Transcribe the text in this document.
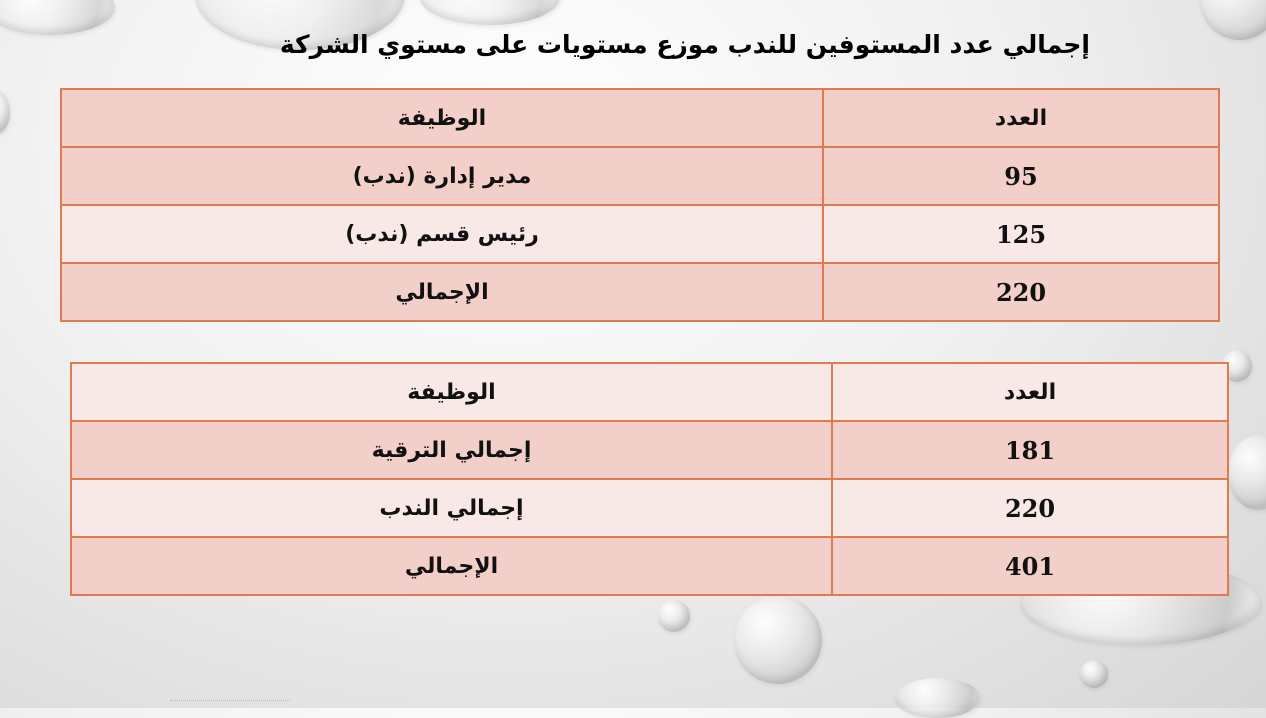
إجمالي عدد المستوفين للندب موزع مستويات على مستوي الشركة
العدد	الوظيفة
95	مدير إدارة (ندب)
125	رئيس قسم (ندب)
220	الإجمالي
العدد	الوظيفة
181	إجمالي الترقية
220	إجمالي الندب
401	الإجمالي
